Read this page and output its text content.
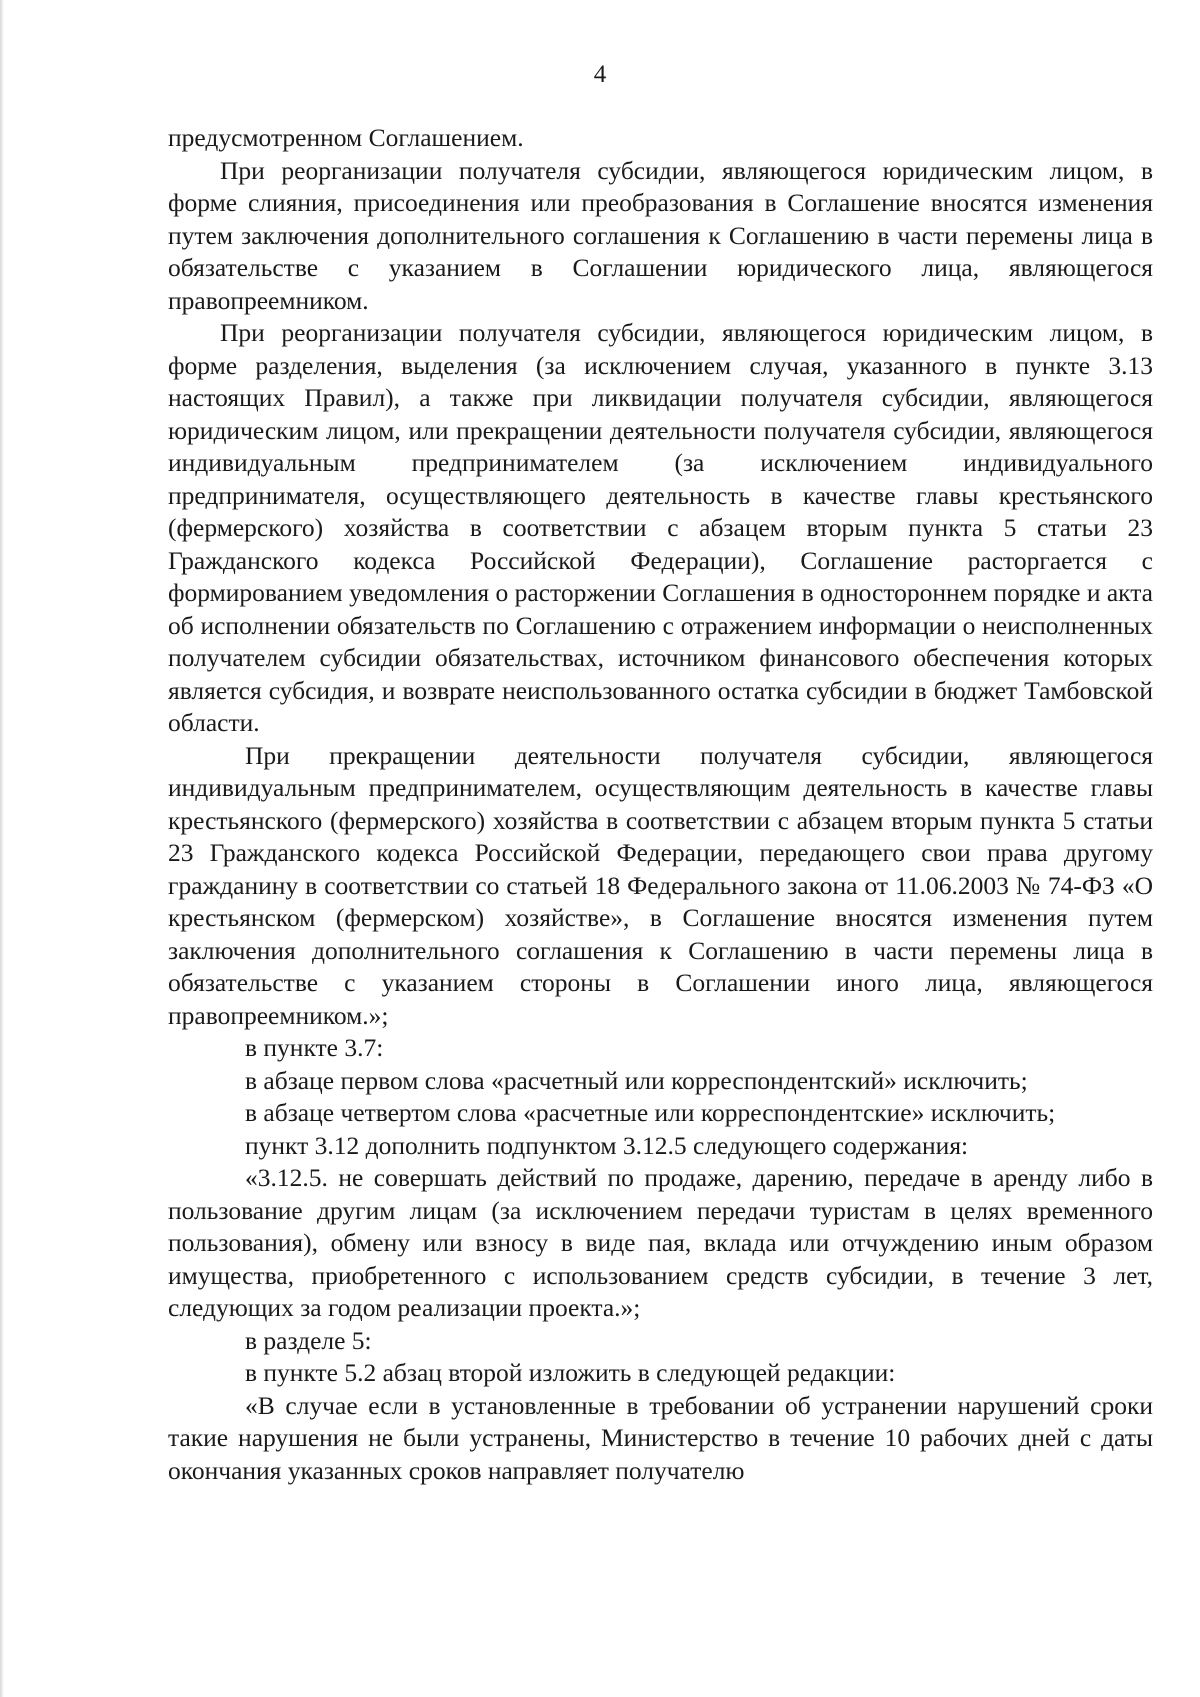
4

предусмотренном Соглашением.

При реорганизации получателя субсидии, являющегося юридическим лицом, в форме слияния, присоединения или преобразования в Соглашение вносятся изменения путем заключения дополнительного соглашения к Соглашению в части перемены лица в обязательстве с указанием в Соглашении юридического лица, являющегося правопреемником.

При реорганизации получателя субсидии, являющегося юридическим лицом, в форме разделения, выделения (за исключением случая, указанного в пункте 3.13 настоящих Правил), а также при ликвидации получателя субсидии, являющегося юридическим лицом, или прекращении деятельности получателя субсидии, являющегося индивидуальным предпринимателем (за исключением индивидуального предпринимателя, осуществляющего деятельность в качестве главы крестьянского (фермерского) хозяйства в соответствии с абзацем вторым пункта 5 статьи 23 Гражданского кодекса Российской Федерации), Соглашение расторгается с формированием уведомления о расторжении Соглашения в одностороннем порядке и акта об исполнении обязательств по Соглашению с отражением информации о неисполненных получателем субсидии обязательствах, источником финансового обеспечения которых является субсидия, и возврате неиспользованного остатка субсидии в бюджет Тамбовской области.

При прекращении деятельности получателя субсидии, являющегося индивидуальным предпринимателем, осуществляющим деятельность в качестве главы крестьянского (фермерского) хозяйства в соответствии с абзацем вторым пункта 5 статьи 23 Гражданского кодекса Российской Федерации, передающего свои права другому гражданину в соответствии со статьей 18 Федерального закона от 11.06.2003 № 74-ФЗ «О крестьянском (фермерском) хозяйстве», в Соглашение вносятся изменения путем заключения дополнительного соглашения к Соглашению в части перемены лица в обязательстве с указанием стороны в Соглашении иного лица, являющегося правопреемником.»;

в пункте 3.7:

в абзаце первом слова «расчетный или корреспондентский» исключить;

в абзаце четвертом слова «расчетные или корреспондентские» исключить;

пункт 3.12 дополнить подпунктом 3.12.5 следующего содержания:

«3.12.5. не совершать действий по продаже, дарению, передаче в аренду либо в пользование другим лицам (за исключением передачи туристам в целях временного пользования), обмену или взносу в виде пая, вклада или отчуждению иным образом имущества, приобретенного с использованием средств субсидии, в течение 3 лет, следующих за годом реализации проекта.»;

в разделе 5:

в пункте 5.2 абзац второй изложить в следующей редакции:

«В случае если в установленные в требовании об устранении нарушений сроки такие нарушения не были устранены, Министерство в течение 10 рабочих дней с даты окончания указанных сроков направляет получателю
